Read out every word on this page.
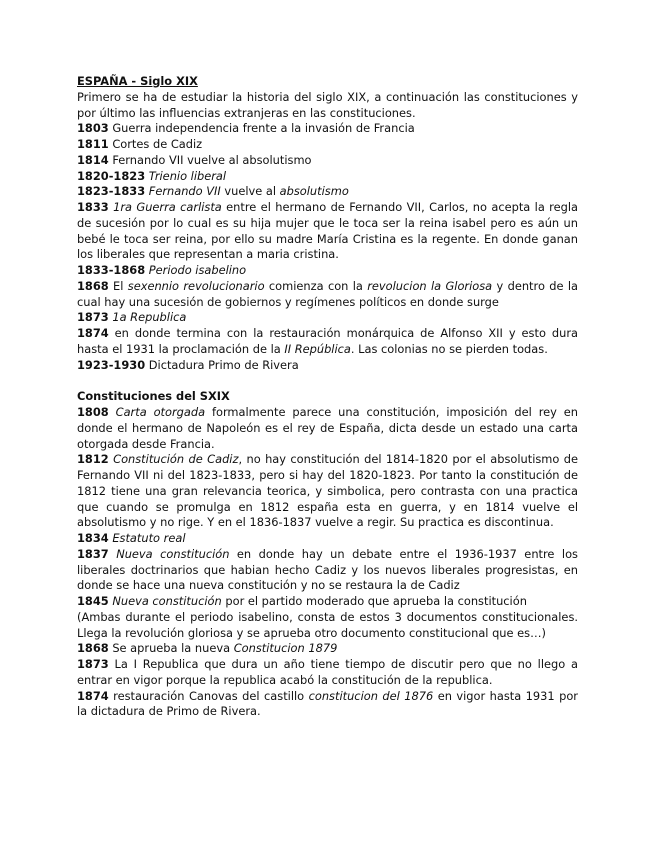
ESPAÑA - Siglo XIX

Primero se ha de estudiar la historia del siglo XIX, a continuación las constituciones y por último las influencias extranjeras en las constituciones.

1803 Guerra independencia frente a la invasión de Francia

1811 Cortes de Cadiz

1814 Fernando VII vuelve al absolutismo

1820-1823 Trienio liberal

1823-1833 Fernando VII vuelve al absolutismo

1833 1ra Guerra carlista entre el hermano de Fernando VII, Carlos, no acepta la regla de sucesión por lo cual es su hija mujer que le toca ser la reina isabel pero es aún un bebé le toca ser reina, por ello su madre María Cristina es la regente. En donde ganan los liberales que representan a maria cristina.

1833-1868 Periodo isabelino

1868 El sexennio revolucionario comienza con la revolucion la Gloriosa y dentro de la cual hay una sucesión de gobiernos y regímenes políticos en donde surge

1873 1a Republica

1874 en donde termina con la restauración monárquica de Alfonso XII y esto dura hasta el 1931 la proclamación de la II República. Las colonias no se pierden todas.

1923-1930 Dictadura Primo de Rivera

Constituciones del SXIX

1808 Carta otorgada formalmente parece una constitución, imposición del rey en donde el hermano de Napoleón es el rey de España, dicta desde un estado una carta otorgada desde Francia.

1812 Constitución de Cadiz, no hay constitución del 1814-1820 por el absolutismo de Fernando VII ni del 1823-1833, pero si hay del 1820-1823. Por tanto la constitución de 1812 tiene una gran relevancia teorica, y simbolica, pero contrasta con una practica que cuando se promulga en 1812 españa esta en guerra, y en 1814 vuelve el absolutismo y no rige. Y en el 1836-1837 vuelve a regir. Su practica es discontinua.

1834 Estatuto real

1837 Nueva constitución en donde hay un debate entre el 1936-1937 entre los liberales doctrinarios que habian hecho Cadiz y los nuevos liberales progresistas, en donde se hace una nueva constitución y no se restaura la de Cadiz

1845 Nueva constitución por el partido moderado que aprueba la constitución

(Ambas durante el periodo isabelino, consta de estos 3 documentos constitucionales. Llega la revolución gloriosa y se aprueba otro documento constitucional que es…)

1868 Se aprueba la nueva Constitucion 1879

1873 La I Republica que dura un año tiene tiempo de discutir pero que no llego a entrar en vigor porque la republica acabó la constitución de la republica.

1874 restauración Canovas del castillo constitucion del 1876 en vigor hasta 1931 por la dictadura de Primo de Rivera.
